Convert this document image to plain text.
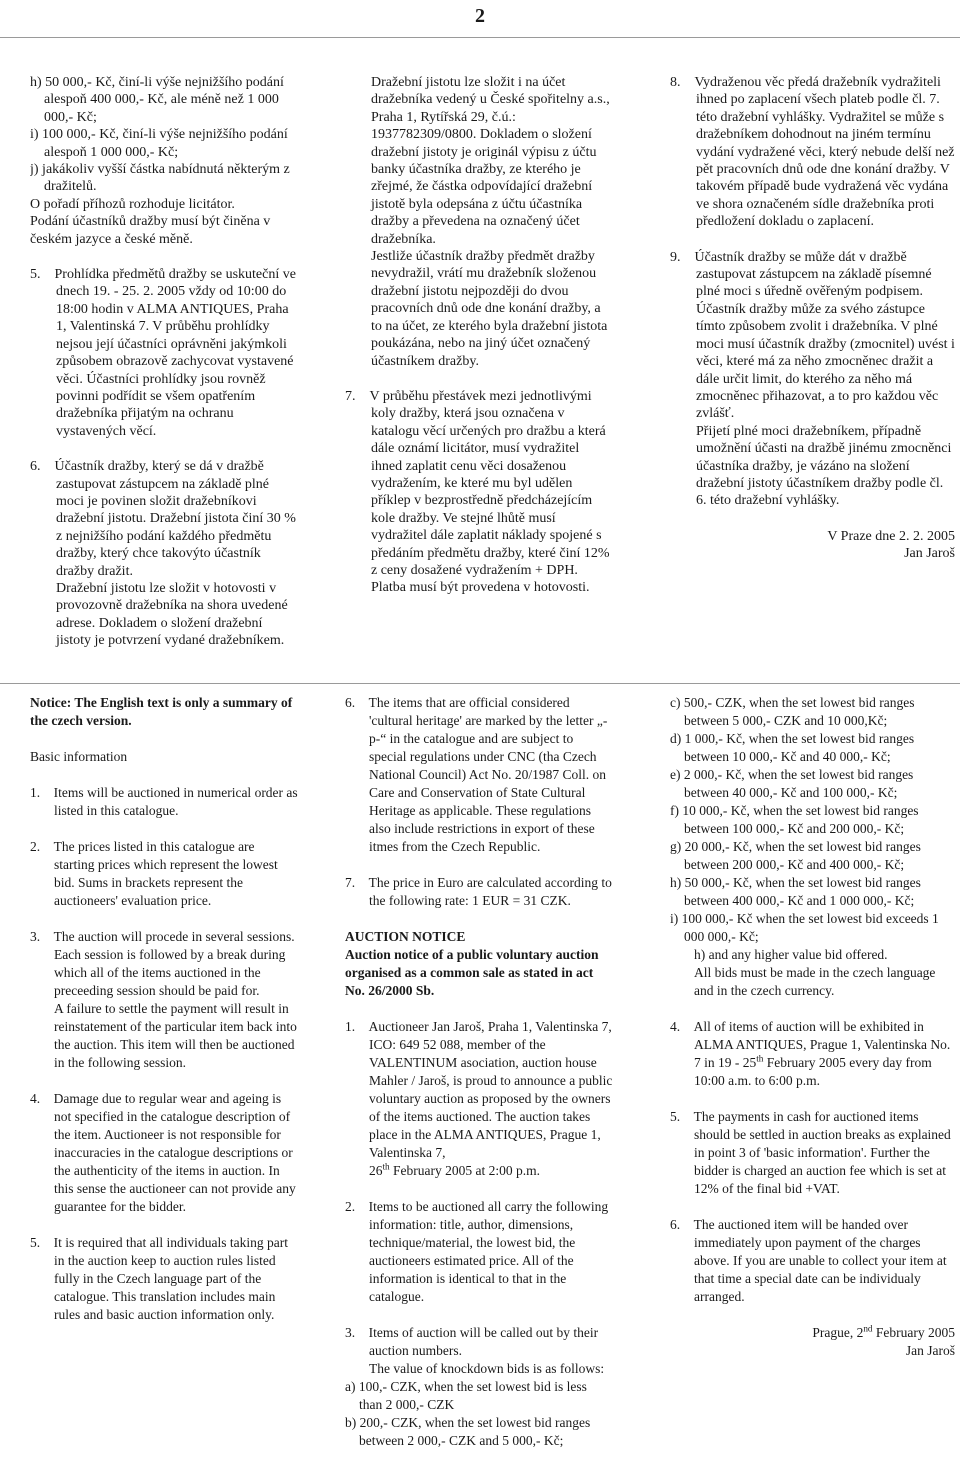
2

h) 50 000,- Kč, činí-li výše nejnižšího podání alespoň 400 000,- Kč, ale méně než 1 000 000,- Kč;

i) 100 000,- Kč, činí-li výše nejnižšího podání alespoň 1 000 000,- Kč;

j) jakákoliv vyšší částka nabídnutá některým z dražitelů.

O pořadí příhozů rozhoduje licitátor.

Podání účastníků dražby musí být činěna v českém jazyce a české měně.

5.  Prohlídka předmětů dražby se uskuteční ve dnech 19. - 25. 2. 2005 vždy od 10:00 do 18:00 hodin v ALMA ANTIQUES, Praha 1, Valentinská 7. V průběhu prohlídky nejsou její účastníci oprávněni jakýmkoli způsobem obrazově zachycovat vystavené věci. Účastníci prohlídky jsou rovněž povinni podřídit se všem opatřením dražebníka přijatým na ochranu vystavených věcí.

6.  Účastník dražby, který se dá v dražbě zastupovat zástupcem na základě plné moci je povinen složit dražebníkovi dražební jistotu. Dražební jistota činí 30 % z nejnižšího podání každého předmětu dražby, který chce takovýto účastník dražby dražit.

Dražební jistotu lze složit v hotovosti v provozovně dražebníka na shora uvedené adrese. Dokladem o složení dražební jistoty je potvrzení vydané dražebníkem.

Dražební jistotu lze složit i na účet dražebníka vedený u České spořitelny a.s., Praha 1, Rytířská 29, č.ú.: 1937782309/0800. Dokladem o složení dražební jistoty je originál výpisu z účtu banky účastníka dražby, ze kterého je zřejmé, že částka odpovídající dražební jistotě byla odepsána z účtu účastníka dražby a převedena na označený účet dražebníka.

Jestliže účastník dražby předmět dražby nevydražil, vrátí mu dražebník složenou dražební jistotu nejpozději do dvou pracovních dnů ode dne konání dražby, a to na účet, ze kterého byla dražební jistota poukázána, nebo na jiný účet označený účastníkem dražby.

7.  V průběhu přestávek mezi jednotlivými koly dražby, která jsou označena v katalogu věcí určených pro dražbu a která dále oznámí licitátor, musí vydražitel ihned zaplatit cenu věci dosaženou vydražením, ke které mu byl udělen příklep v bezprostředně předcházejícím kole dražby. Ve stejné lhůtě musí vydražitel dále zaplatit náklady spojené s předáním předmětu dražby, které činí 12% z ceny dosažené vydražením + DPH. Platba musí být provedena v hotovosti.

8.  Vydraženou věc předá dražebník vydražiteli ihned po zaplacení všech plateb podle čl. 7. této dražební vyhlášky. Vydražitel se může s dražebníkem dohodnout na jiném termínu vydání vydražené věci, který nebude delší než pět pracovních dnů ode dne konání dražby. V takovém případě bude vydražená věc vydána ve shora označeném sídle dražebníka proti předložení dokladu o zaplacení.

9.  Účastník dražby se může dát v dražbě zastupovat zástupcem na základě písemné plné moci s úředně ověřeným podpisem. Účastník dražby může za svého zástupce tímto způsobem zvolit i dražebníka. V plné moci musí účastník dražby (zmocnitel) uvést i věci, které má za něho zmocněnec dražit a dále určit limit, do kterého za něho má zmocněnec přihazovat, a to pro každou věc zvlášť.

Přijetí plné moci dražebníkem, případně umožnění účasti na dražbě jinému zmocněnci účastníka dražby, je vázáno na složení dražební jistoty účastníkem dražby podle čl. 6. této dražební vyhlášky.

V Praze dne 2. 2. 2005

Jan Jaroš

Notice: The English text is only a summary of the czech version.

Basic information

1.  Items will be auctioned in numerical order as listed in this catalogue.

2.  The prices listed in this catalogue are starting prices which represent the lowest bid. Sums in brackets represent the auctioneers' evaluation price.

3.  The auction will procede in several sessions. Each session is followed by a break during which all of the items auctioned in the preceeding session should be paid for.

A failure to settle the payment will result in reinstatement of the particular item back into the auction. This item will then be auctioned in the following session.

4.  Damage due to regular wear and ageing is not specified in the catalogue description of the item. Auctioneer is not responsible for inaccuracies in the catalogue descriptions or the authenticity of the items in auction. In this sense the auctioneer can not provide any guarantee for the bidder.

5.  It is required that all individuals taking part in the auction keep to auction rules listed fully in the Czech language part of the catalogue. This translation includes main rules and basic auction information only.

6.  The items that are official considered 'cultural heritage' are marked by the letter „-p-“ in the catalogue and are subject to special regulations under CNC (tha Czech National Council) Act No. 20/1987 Coll. on Care and Conservation of State Cultural Heritage as applicable. These regulations also include restrictions in export of these itmes from the Czech Republic.

7.  The price in Euro are calculated according to the following rate: 1 EUR = 31 CZK.

AUCTION NOTICE

Auction notice of a public voluntary auction organised as a common sale as stated in act No. 26/2000 Sb.

1.  Auctioneer Jan Jaroš, Praha 1, Valentinska 7, ICO: 649 52 088, member of the VALENTINUM asociation, auction house Mahler / Jaroš, is proud to announce a public voluntary auction as proposed by the owners of the items auctioned. The auction takes place in the ALMA ANTIQUES, Prague 1, Valentinska 7,

26th February 2005 at 2:00 p.m.

2.  Items to be auctioned all carry the following information: title, author, dimensions, technique/material, the lowest bid, the auctioneers estimated price. All of the information is identical to that in the catalogue.

3.  Items of auction will be called out by their auction numbers.

The value of knockdown bids is as follows:

a) 100,- CZK, when the set lowest bid is less than 2 000,- CZK

b) 200,- CZK, when the set lowest bid ranges between 2 000,- CZK and 5 000,- Kč;

c) 500,- CZK, when the set lowest bid ranges between 5 000,- CZK and 10 000,Kč;

d) 1 000,- Kč, when the set lowest bid ranges between 10 000,- Kč and 40 000,- Kč;

e) 2 000,- Kč, when the set lowest bid ranges between 40 000,- Kč and 100 000,- Kč;

f) 10 000,- Kč, when the set lowest bid ranges between 100 000,- Kč and 200 000,- Kč;

g) 20 000,- Kč, when the set lowest bid ranges between 200 000,- Kč and 400 000,- Kč;

h) 50 000,- Kč, when the set lowest bid ranges between 400 000,- Kč and 1 000 000,- Kč;

i) 100 000,- Kč when the set lowest bid exceeds 1 000 000,- Kč;

h) and any higher value bid offered.

All bids must be made in the czech language and in the czech currency.

4.  All of items of auction will be exhibited in ALMA ANTIQUES, Prague 1, Valentinska No. 7 in 19 - 25th February 2005 every day from 10:00 a.m. to 6:00 p.m.

5.  The payments in cash for auctioned items should be settled in auction breaks as explained in point 3 of 'basic information'. Further the bidder is charged an auction fee which is set at 12% of the final bid +VAT.

6.  The auctioned item will be handed over immediately upon payment of the charges above. If you are unable to collect your item at that time a special date can be individualy arranged.

Prague, 2nd February 2005

Jan Jaroš
